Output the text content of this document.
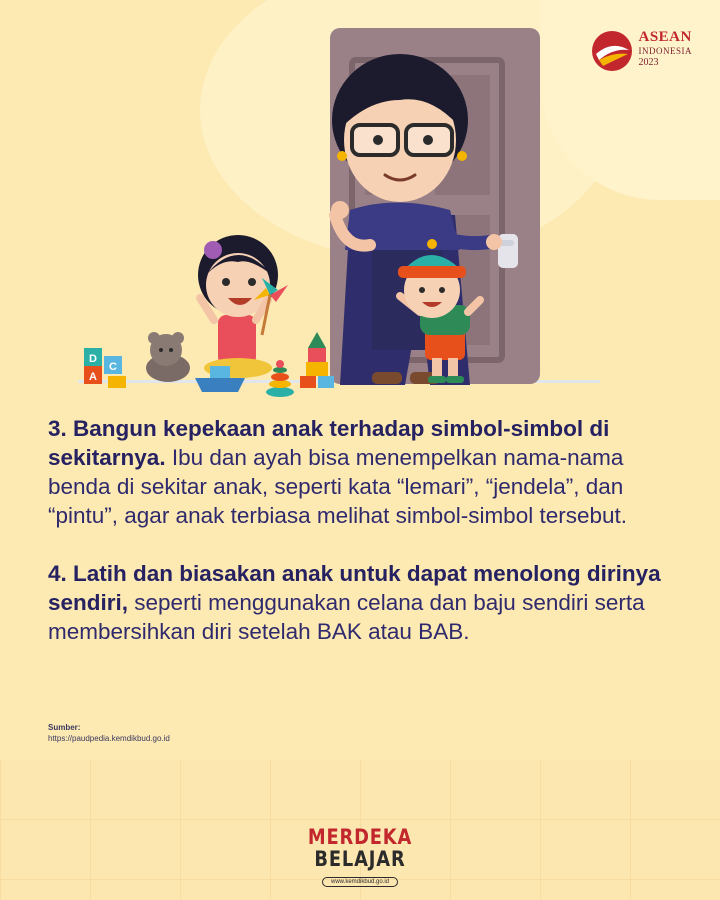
D
C
A
ASEAN
INDONESIA
2023

3. Bangun kepekaan anak terhadap simbol-simbol di sekitarnya. Ibu dan ayah bisa menempelkan nama-nama benda di sekitar anak, seperti kata “lemari”, “jendela”, dan “pintu”, agar anak terbiasa melihat simbol-simbol tersebut.

4. Latih dan biasakan anak untuk dapat menolong dirinya sendiri, seperti menggunakan celana dan baju sendiri serta membersihkan diri setelah BAK atau BAB.

Sumber:
https://paudpedia.kemdikbud.go.id
MERDEKA
BELAJAR
www.kemdikbud.go.id
